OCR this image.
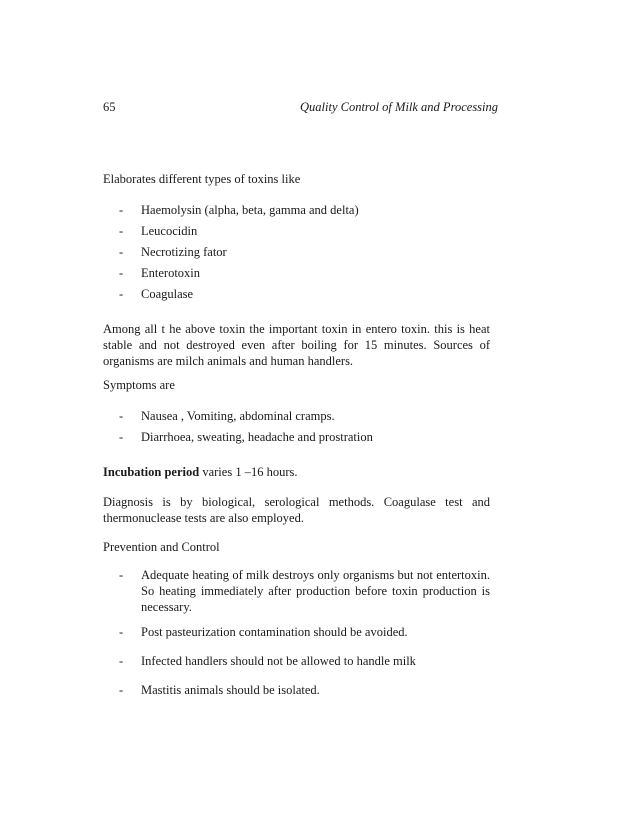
65	Quality Control of Milk and Processing
Elaborates different types of toxins like
- Haemolysin (alpha, beta, gamma and delta)
- Leucocidin
- Necrotizing fator
- Enterotoxin
- Coagulase
Among all t he above toxin the important toxin in entero toxin. this is heat stable and not destroyed even after boiling for 15 minutes. Sources of organisms are milch animals and human handlers.
Symptoms are
- Nausea , Vomiting, abdominal cramps.
- Diarrhoea, sweating, headache and prostration
Incubation period varies 1 –16 hours.
Diagnosis is by biological, serological methods. Coagulase test and thermonuclease tests are also employed.
Prevention and Control
- Adequate heating of milk destroys only organisms but not entertoxin. So heating immediately after production before toxin production is necessary.
- Post pasteurization contamination should be avoided.
- Infected handlers should not be allowed to handle milk
- Mastitis animals should be isolated.
